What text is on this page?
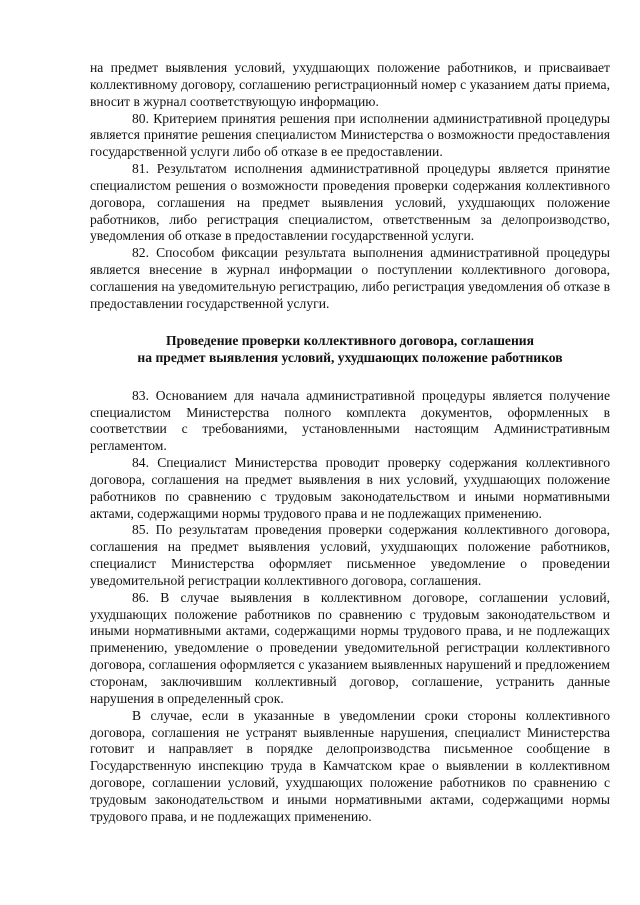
на предмет выявления условий, ухудшающих положение работников, и присваивает коллективному договору, соглашению регистрационный номер с указанием даты приема, вносит в журнал соответствующую информацию.

80. Критерием принятия решения при исполнении административной процедуры является принятие решения специалистом Министерства о возможности предоставления государственной услуги либо об отказе в ее предоставлении.

81. Результатом исполнения административной процедуры является принятие специалистом решения о возможности проведения проверки содержания коллективного договора, соглашения на предмет выявления условий, ухудшающих положение работников, либо регистрация специалистом, ответственным за делопроизводство, уведомления об отказе в предоставлении государственной услуги.

82. Способом фиксации результата выполнения административной процедуры является внесение в журнал информации о поступлении коллективного договора, соглашения на уведомительную регистрацию, либо регистрация уведомления об отказе в предоставлении государственной услуги.

Проведение проверки коллективного договора, соглашения

на предмет выявления условий, ухудшающих положение работников

83. Основанием для начала административной процедуры является получение специалистом Министерства полного комплекта документов, оформленных в соответствии с требованиями, установленными настоящим Административным регламентом.

84. Специалист Министерства проводит проверку содержания коллективного договора, соглашения на предмет выявления в них условий, ухудшающих положение работников по сравнению с трудовым законодательством и иными нормативными актами, содержащими нормы трудового права и не подлежащих применению.

85. По результатам проведения проверки содержания коллективного договора, соглашения на предмет выявления условий, ухудшающих положение работников, специалист Министерства оформляет письменное уведомление о проведении уведомительной регистрации коллективного договора, соглашения.

86. В случае выявления в коллективном договоре, соглашении условий, ухудшающих положение работников по сравнению с трудовым законодательством и иными нормативными актами, содержащими нормы трудового права, и не подлежащих применению, уведомление о проведении уведомительной регистрации коллективного договора, соглашения оформляется с указанием выявленных нарушений и предложением сторонам, заключившим коллективный договор, соглашение, устранить данные нарушения в определенный срок.

В случае, если в указанные в уведомлении сроки стороны коллективного договора, соглашения не устранят выявленные нарушения, специалист Министерства готовит и направляет в порядке делопроизводства письменное сообщение в Государственную инспекцию труда в Камчатском крае о выявлении в коллективном договоре, соглашении условий, ухудшающих положение работников по сравнению с трудовым законодательством и иными нормативными актами, содержащими нормы трудового права, и не подлежащих применению.
